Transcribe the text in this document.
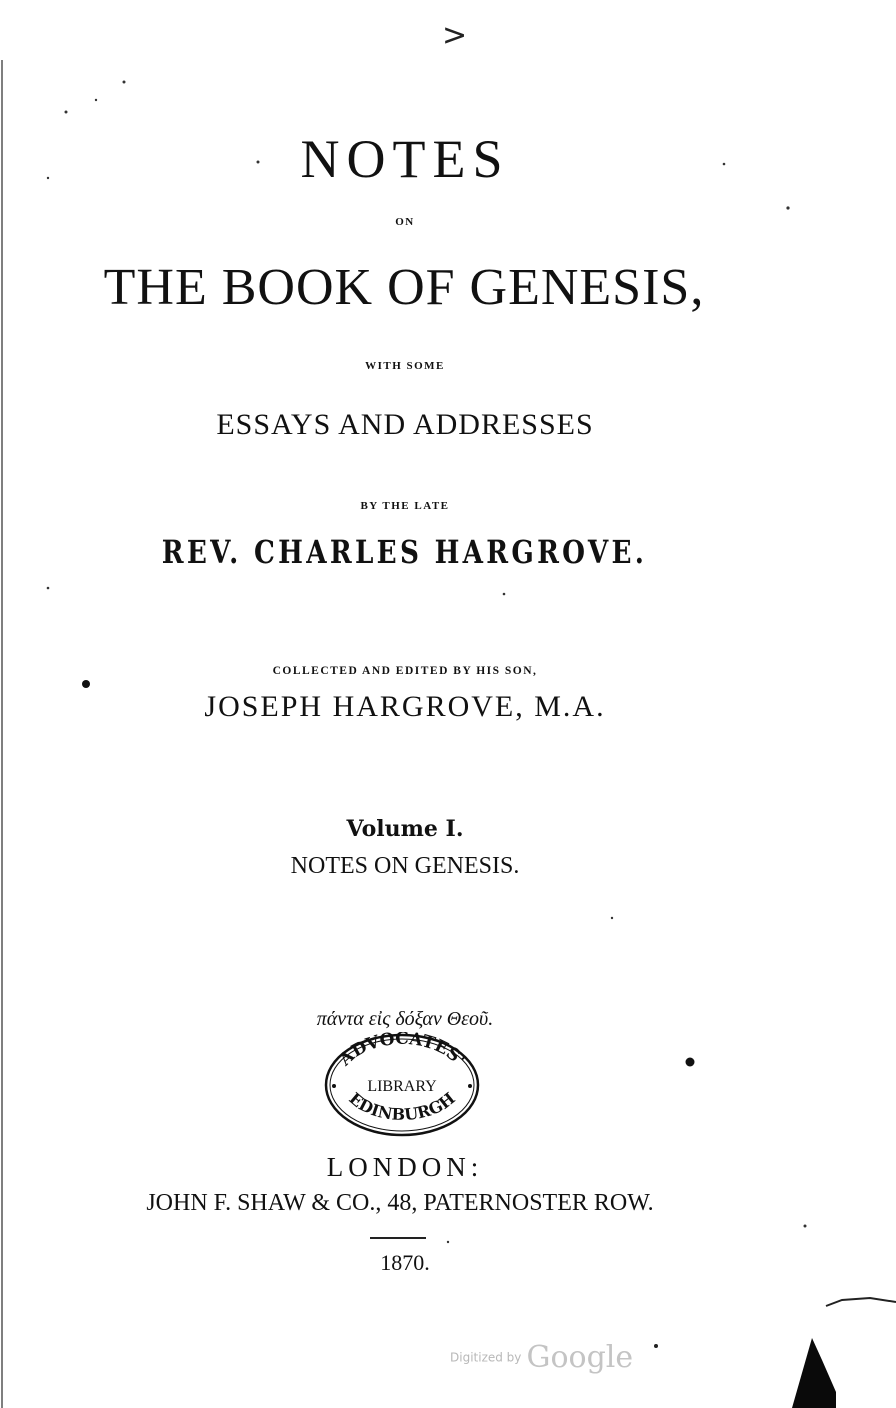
>
NOTES
ON
THE BOOK OF GENESIS,
WITH SOME
ESSAYS AND ADDRESSES
BY THE LATE
REV. CHARLES HARGROVE.
COLLECTED AND EDITED BY HIS SON,
JOSEPH HARGROVE, M.A.
Volume I.
NOTES ON GENESIS.
πάντα εἰς δόξαν Θεοῦ.
ADVOCATES'
LIBRARY
EDINBURGH
LONDON:
JOHN F. SHAW & CO., 48, PATERNOSTER ROW.
1870.
Digitized by Google
